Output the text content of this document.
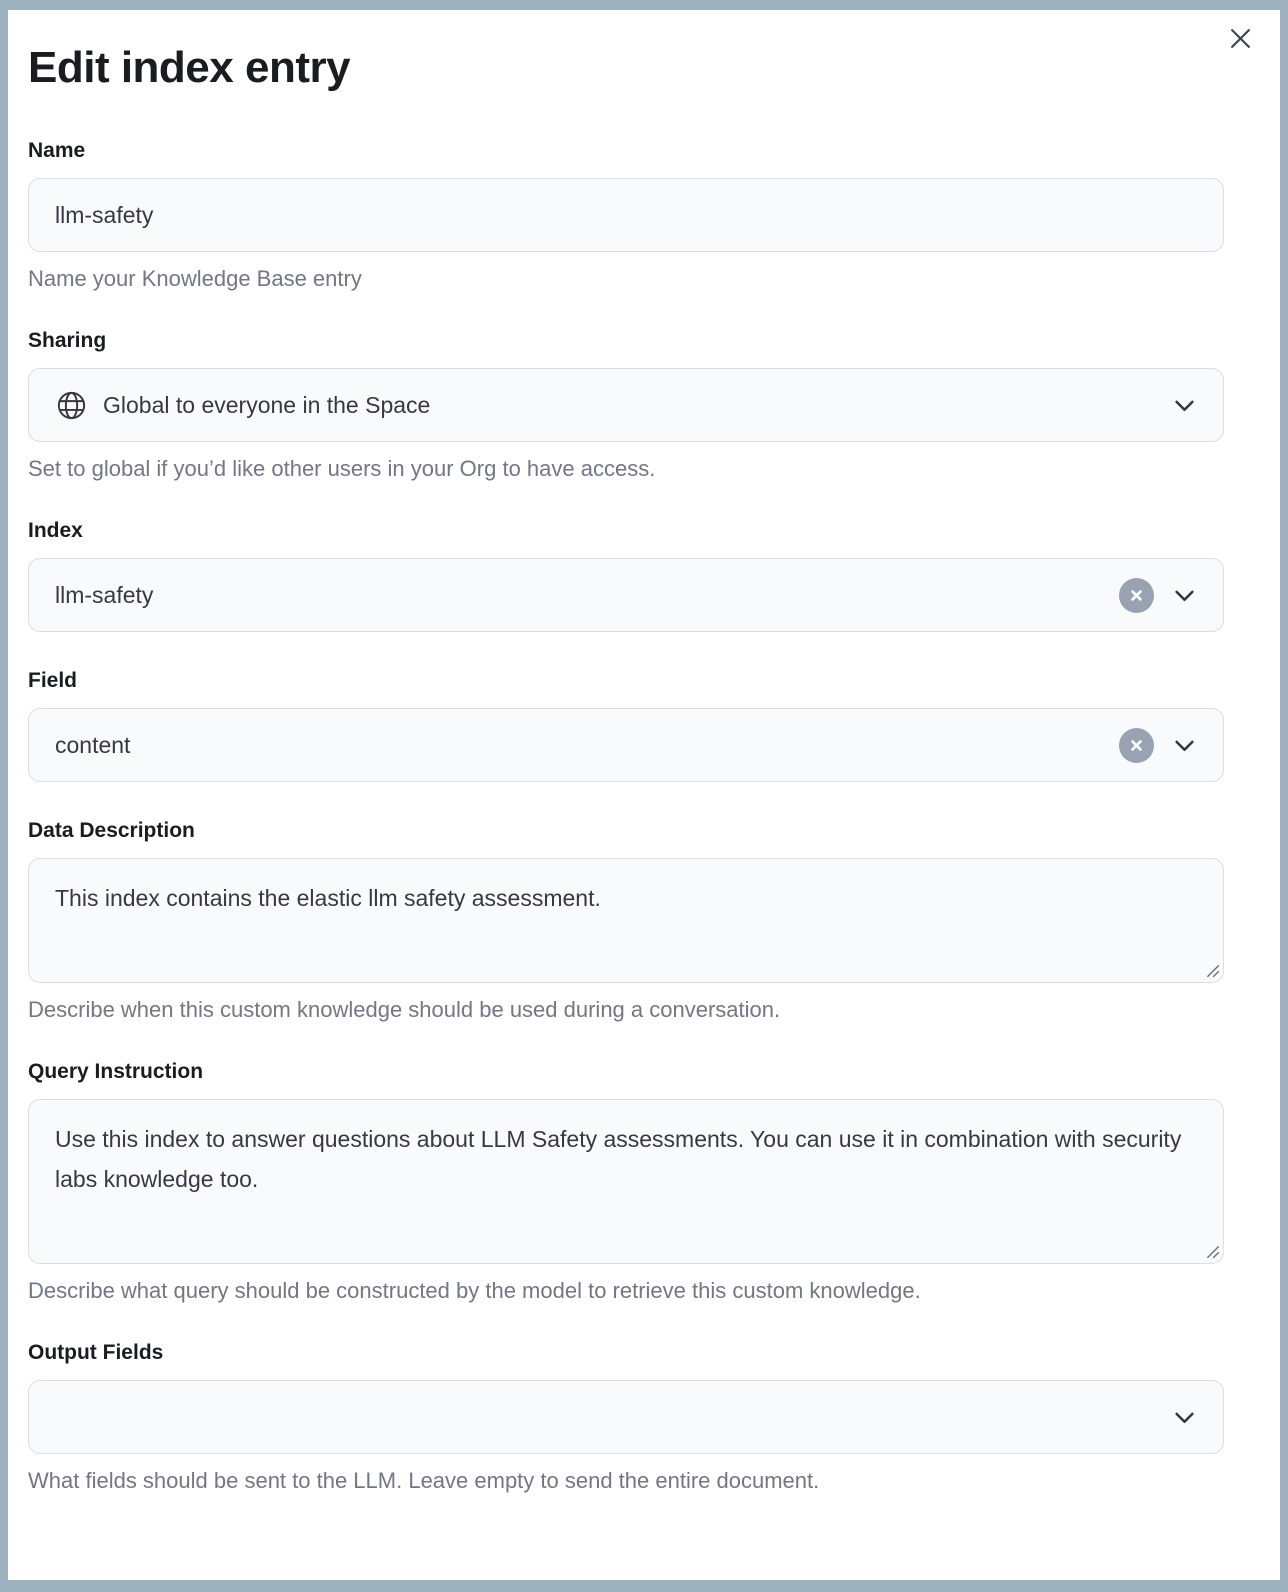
Edit index entry
Name
llm-safety
Name your Knowledge Base entry
Sharing
Global to everyone in the Space
Set to global if you’d like other users in your Org to have access.
Index
llm-safety
Field
content
Data Description
This index contains the elastic llm safety assessment.
Describe when this custom knowledge should be used during a conversation.
Query Instruction
Use this index to answer questions about LLM Safety assessments. You can use it in combination with security labs knowledge too.
Describe what query should be constructed by the model to retrieve this custom knowledge.
Output Fields
What fields should be sent to the LLM. Leave empty to send the entire document.
